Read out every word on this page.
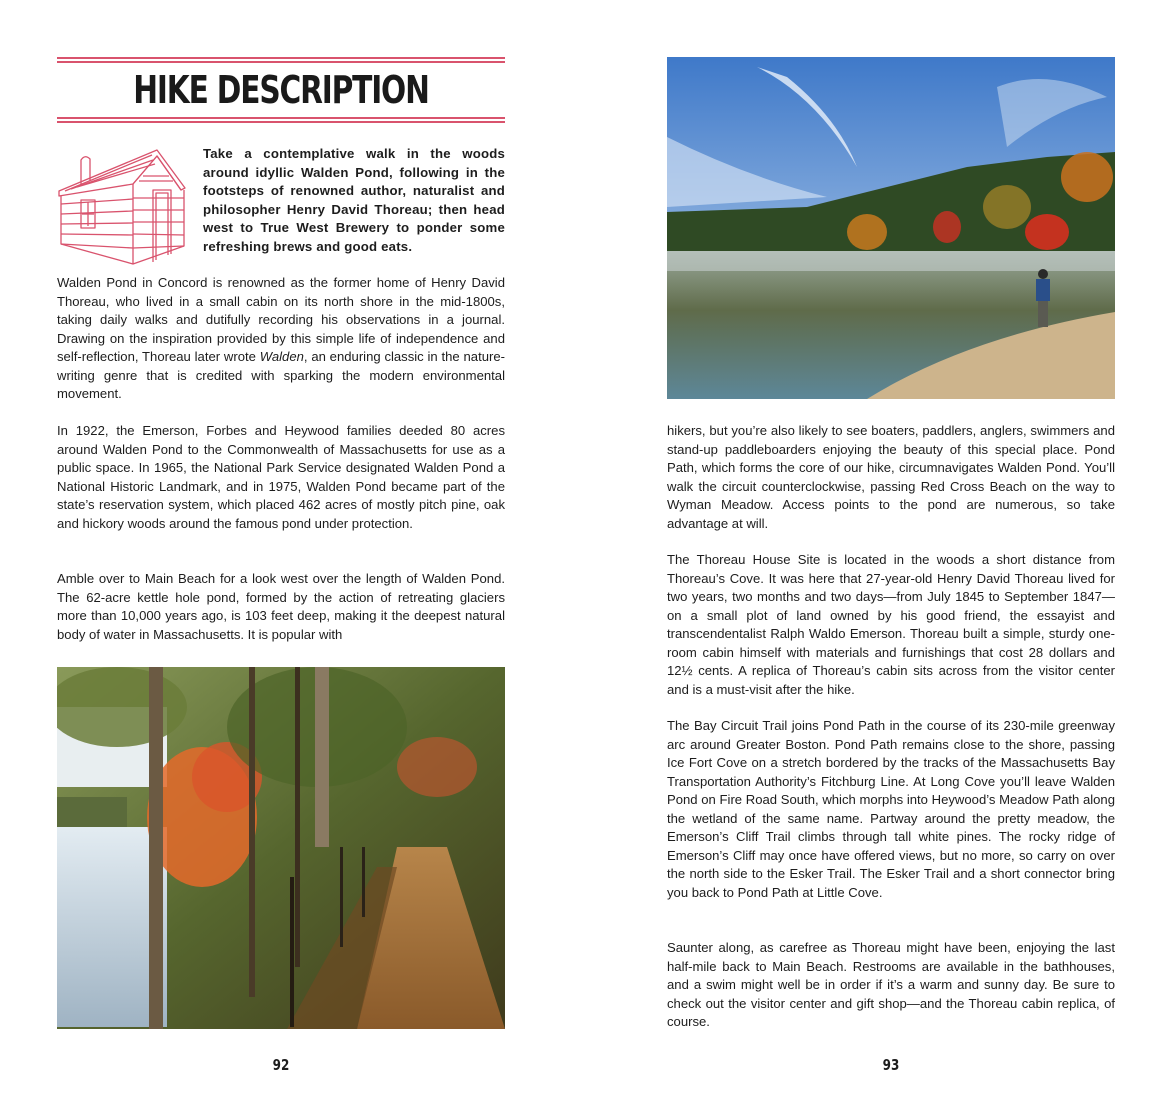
HIKE DESCRIPTION
Take a contemplative walk in the woods around idyllic Walden Pond, following in the footsteps of renowned author, naturalist and philosopher Henry David Thoreau; then head west to True West Brewery to ponder some refreshing brews and good eats.

Walden Pond in Concord is renowned as the former home of Henry David Thoreau, who lived in a small cabin on its north shore in the mid-1800s, taking daily walks and dutifully recording his observations in a journal. Drawing on the inspiration provided by this simple life of independence and self-reflection, Thoreau later wrote Walden, an enduring classic in the nature-writing genre that is credited with sparking the modern environmental movement.

In 1922, the Emerson, Forbes and Heywood families deeded 80 acres around Walden Pond to the Commonwealth of Massachusetts for use as a public space. In 1965, the National Park Service designated Walden Pond a National Historic Landmark, and in 1975, Walden Pond became part of the state’s reservation system, which placed 462 acres of mostly pitch pine, oak and hickory woods around the famous pond under protection.

Amble over to Main Beach for a look west over the length of Walden Pond. The 62-acre kettle hole pond, formed by the action of retreating glaciers more than 10,000 years ago, is 103 feet deep, making it the deepest natural body of water in Massachusetts. It is popular with

92

hikers, but you’re also likely to see boaters, paddlers, anglers, swimmers and stand-up paddleboarders enjoying the beauty of this special place. Pond Path, which forms the core of our hike, circumnavigates Walden Pond. You’ll walk the circuit counterclockwise, passing Red Cross Beach on the way to Wyman Meadow. Access points to the pond are numerous, so take advantage at will.

The Thoreau House Site is located in the woods a short distance from Thoreau’s Cove. It was here that 27-year-old Henry David Thoreau lived for two years, two months and two days—from July 1845 to September 1847—on a small plot of land owned by his good friend, the essayist and transcendentalist Ralph Waldo Emerson. Thoreau built a simple, sturdy one-room cabin himself with materials and furnishings that cost 28 dollars and 12½ cents. A replica of Thoreau’s cabin sits across from the visitor center and is a must-visit after the hike.

The Bay Circuit Trail joins Pond Path in the course of its 230-mile greenway arc around Greater Boston. Pond Path remains close to the shore, passing Ice Fort Cove on a stretch bordered by the tracks of the Massachusetts Bay Transportation Authority’s Fitchburg Line. At Long Cove you’ll leave Walden Pond on Fire Road South, which morphs into Heywood’s Meadow Path along the wetland of the same name. Partway around the pretty meadow, the Emerson’s Cliff Trail climbs through tall white pines. The rocky ridge of Emerson’s Cliff may once have offered views, but no more, so carry on over the north side to the Esker Trail. The Esker Trail and a short connector bring you back to Pond Path at Little Cove.

Saunter along, as carefree as Thoreau might have been, enjoying the last half-mile back to Main Beach. Restrooms are available in the bathhouses, and a swim might well be in order if it’s a warm and sunny day. Be sure to check out the visitor center and gift shop—and the Thoreau cabin replica, of course.

93
